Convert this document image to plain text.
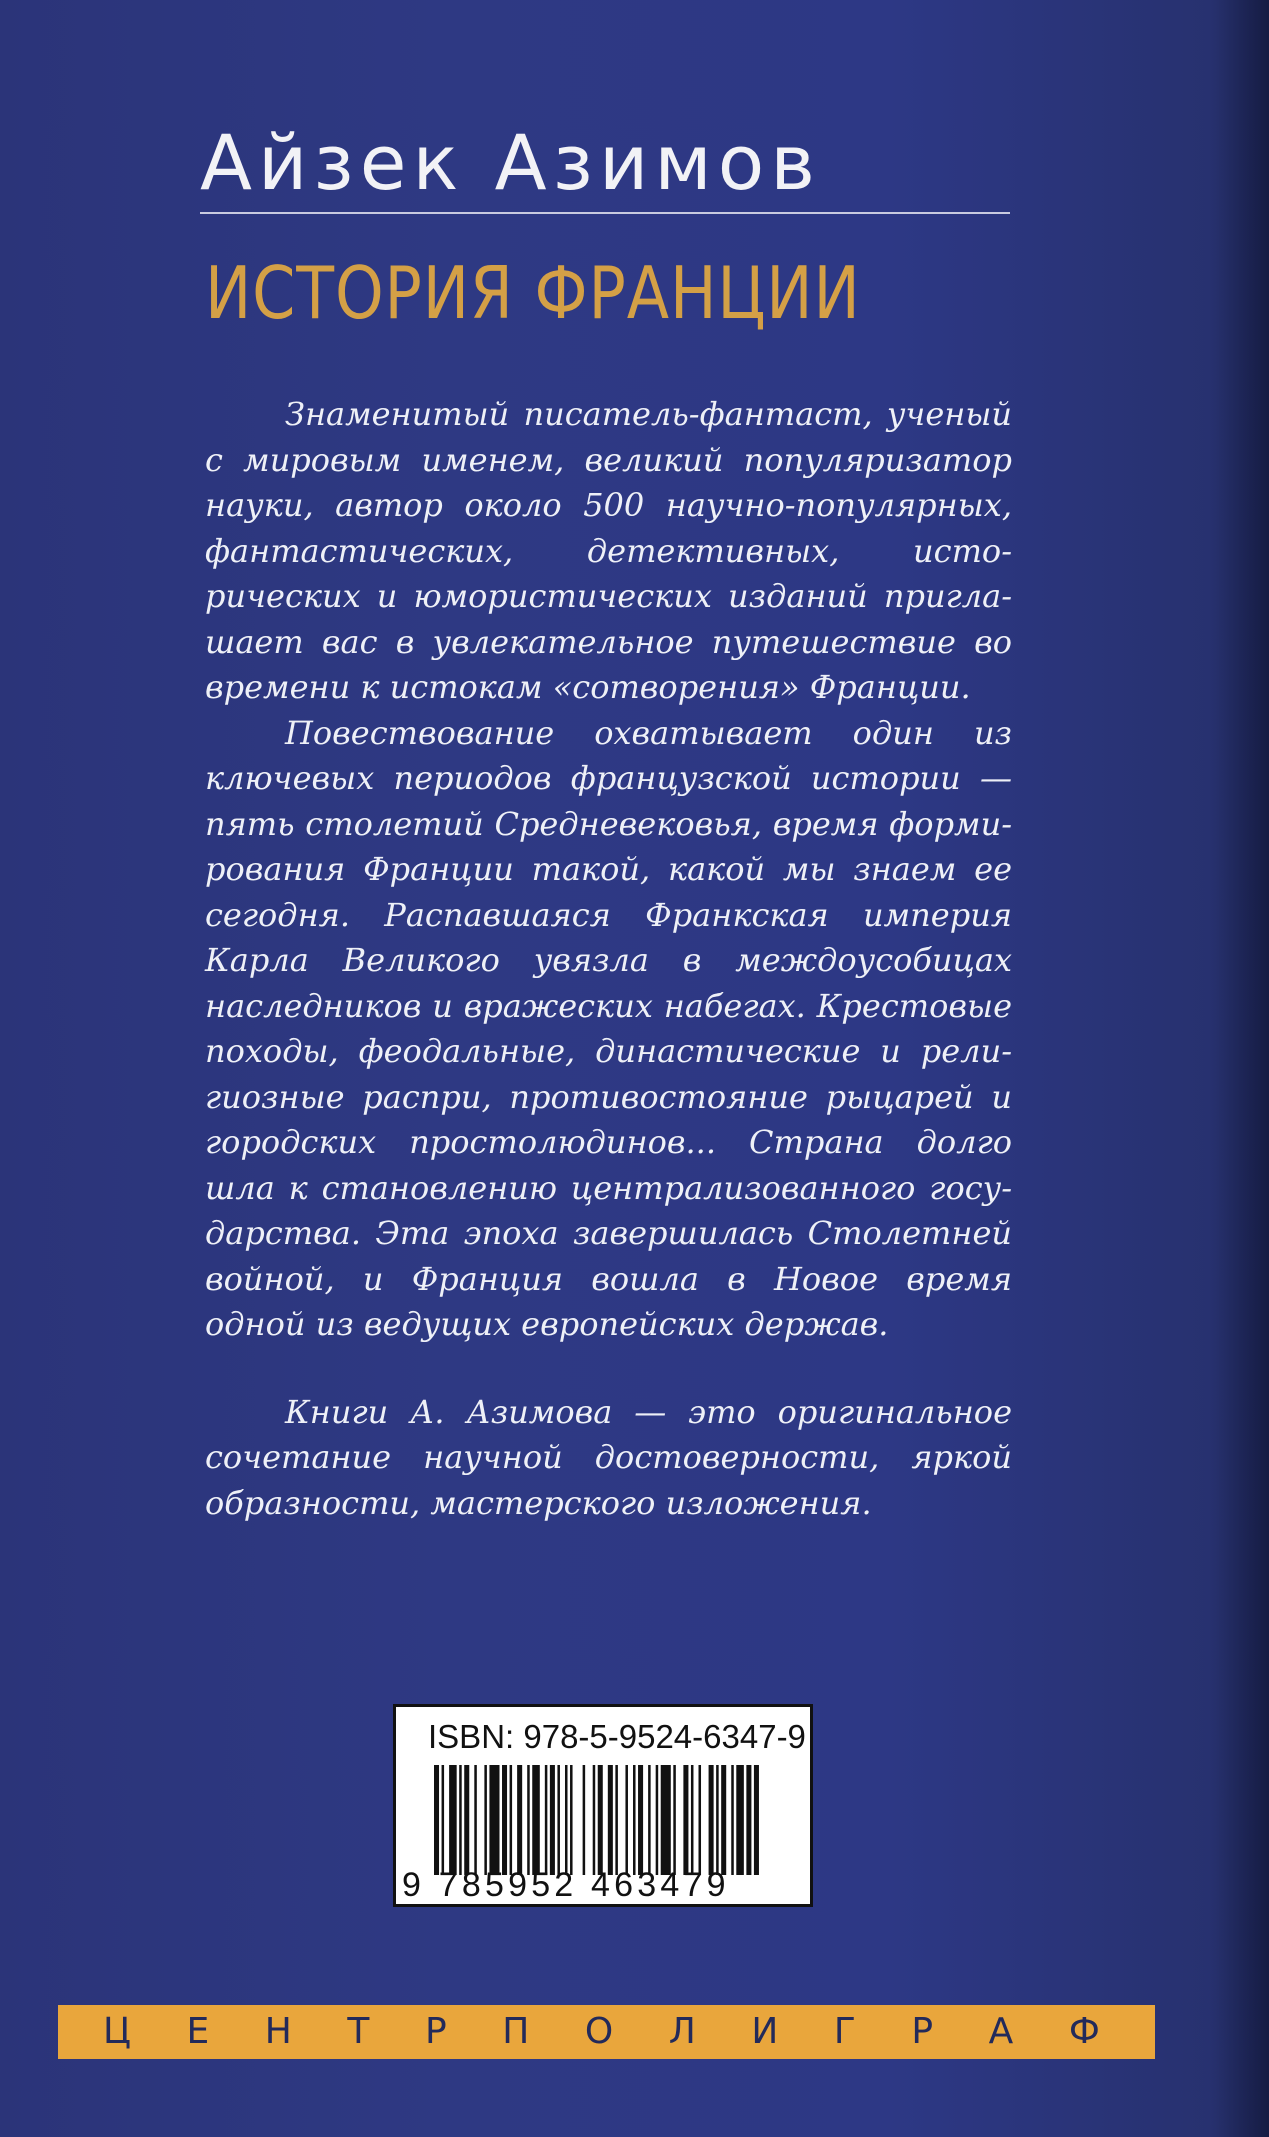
Айзек Азимов
ИСТОРИЯ ФРАНЦИИ

Знаменитый писатель-фантаст, ученый с мировым именем, великий популяризатор науки, автор около 500 научно-популярных, фантастических, детективных, исторических и юмористических изданий приглашает вас в увлекательное путешествие во времени к истокам «сотворения» Франции.

Повествование охватывает один из ключевых периодов французской истории — пять столетий Средневековья, время формирования Франции такой, какой мы знаем ее сегодня. Распавшаяся Франкская империя Карла Великого увязла в междоусобицах наследников и вражеских набегах. Крестовые походы, феодальные, династические и религиозные распри, противостояние рыцарей и городских простолюдинов... Страна долго шла к становлению централизованного государства. Эта эпоха завершилась Столетней войной, и Франция вошла в Новое время одной из ведущих европейских держав.

Книги А. Азимова — это оригинальное сочетание научной достоверности, яркой образности, мастерского изложения.

ISBN: 978-5-9524-6347-9
9 785952 463479
Ц Е Н Т Р П О Л И Г Р А Ф
